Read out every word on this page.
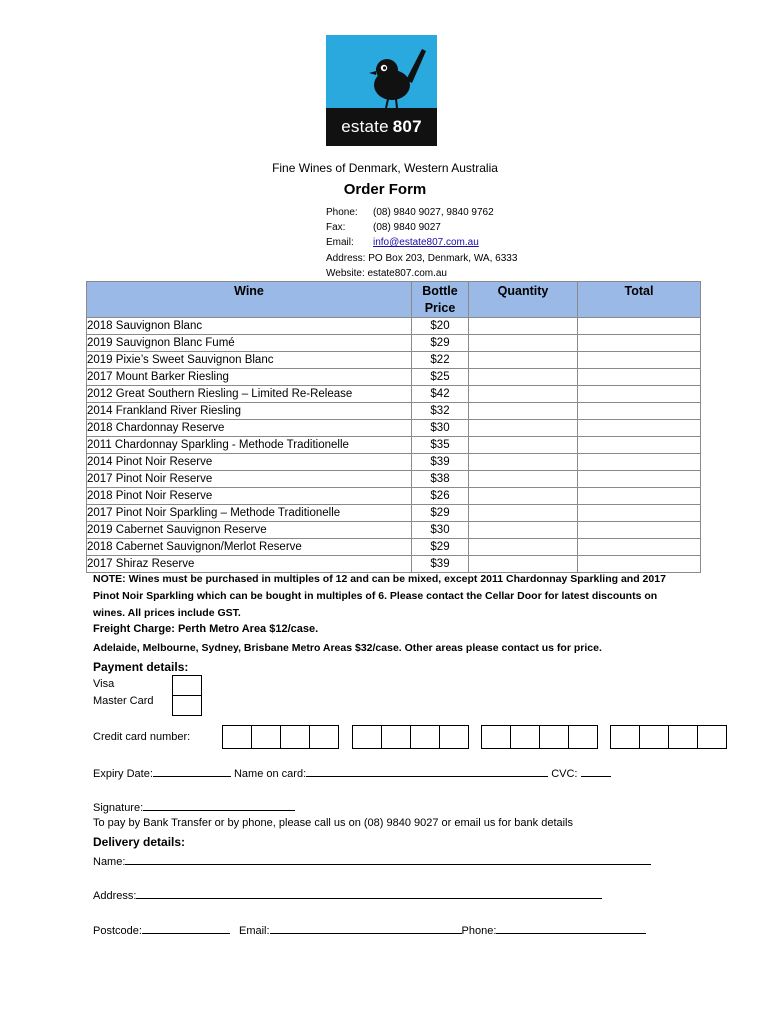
estate 807
Fine Wines of Denmark, Western Australia
Order Form
Phone:	(08) 9840 9027, 9840 9762
Fax:	(08) 9840 9027
Email:	info@estate807.com.au
Address: PO Box 203, Denmark, WA, 6333
Website: estate807.com.au
Wine	Bottle Price	Quantity	Total
2018 Sauvignon Blanc	$20		
2019 Sauvignon Blanc Fumé	$29		
2019 Pixie’s Sweet Sauvignon Blanc	$22		
2017 Mount Barker Riesling	$25		
2012 Great Southern Riesling – Limited Re-Release	$42		
2014 Frankland River Riesling	$32		
2018 Chardonnay Reserve	$30		
2011 Chardonnay Sparkling - Methode Traditionelle	$35		
2014 Pinot Noir Reserve	$39		
2017 Pinot Noir Reserve	$38		
2018 Pinot Noir Reserve	$26		
2017 Pinot Noir Sparkling – Methode Traditionelle	$29		
2019 Cabernet Sauvignon Reserve	$30		
2018 Cabernet Sauvignon/Merlot Reserve	$29		
2017 Shiraz Reserve	$39		
NOTE: Wines must be purchased in multiples of 12 and can be mixed, except 2011 Chardonnay Sparkling and 2017 Pinot Noir Sparkling which can be bought in multiples of 6. Please contact the Cellar Door for latest discounts on wines. All prices include GST.
Freight Charge: Perth Metro Area $12/case.
Adelaide, Melbourne, Sydney, Brisbane Metro Areas $32/case. Other areas please contact us for price.
Payment details:
Visa
Master Card
Credit card number:
Expiry Date:	Name on card:	CVC:
Signature:
To pay by Bank Transfer or by phone, please call us on (08) 9840 9027 or email us for bank details
Delivery details:
Name:
Address:
Postcode:	Email:	Phone:
